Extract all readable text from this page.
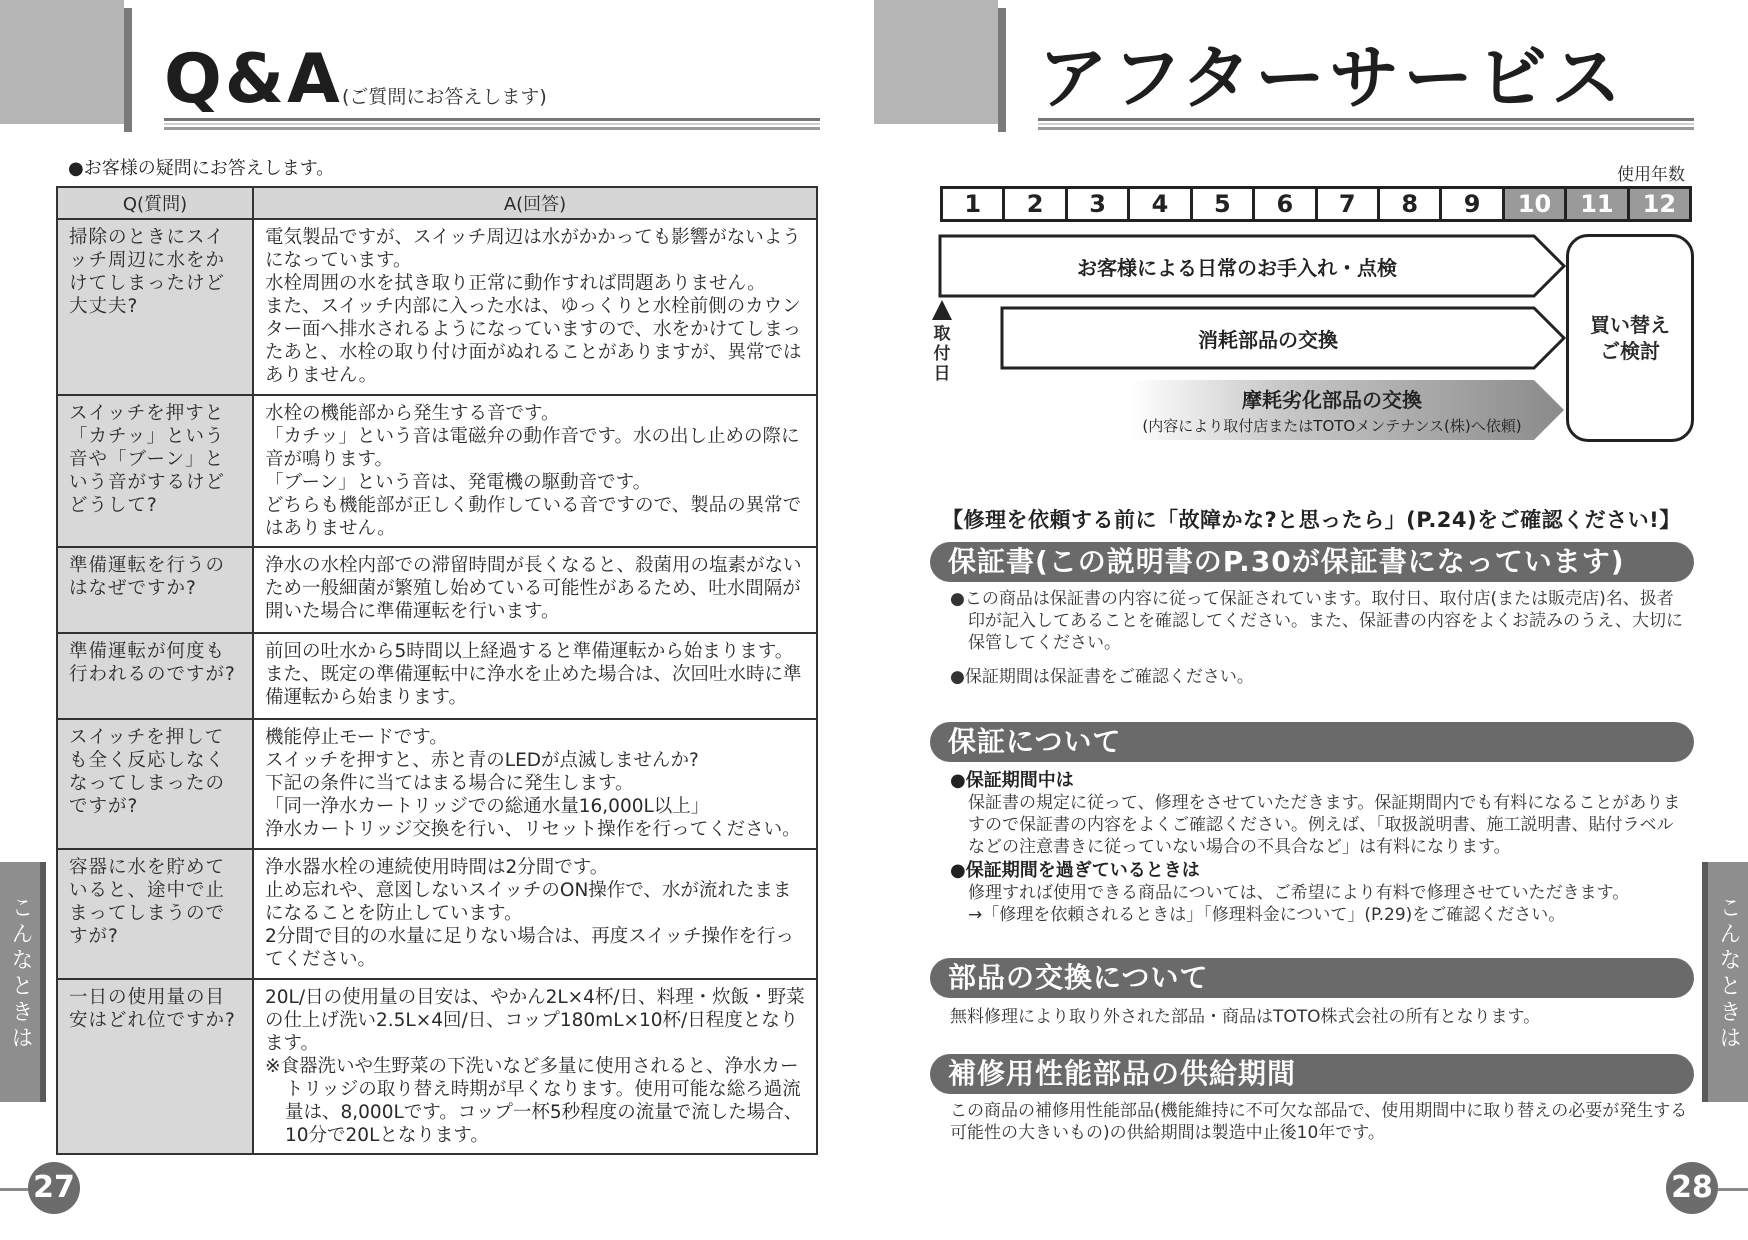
Q&A (ご質問にお答えします)
●お客様の疑問にお答えします。
Q(質問)	A(回答)
掃除のときにスイッチ周辺に水をかけてしまったけど大丈夫?	電気製品ですが、スイッチ周辺は水がかかっても影響がないようになっています。
水栓周囲の水を拭き取り正常に動作すれば問題ありません。
また、スイッチ内部に入った水は、ゆっくりと水栓前側のカウンター面へ排水されるようになっていますので、水をかけてしまったあと、水栓の取り付け面がぬれることがありますが、異常ではありません。

スイッチを押すと「カチッ」という音や「ブーン」という音がするけどどうして?	水栓の機能部から発生する音です。
「カチッ」という音は電磁弁の動作音です。水の出し止めの際に音が鳴ります。
「ブーン」という音は、発電機の駆動音です。
どちらも機能部が正しく動作している音ですので、製品の異常ではありません。

準備運転を行うのはなぜですか?	浄水の水栓内部での滞留時間が長くなると、殺菌用の塩素がないため一般細菌が繁殖し始めている可能性があるため、吐水間隔が開いた場合に準備運転を行います。

準備運転が何度も行われるのですが?	前回の吐水から5時間以上経過すると準備運転から始まります。
また、既定の準備運転中に浄水を止めた場合は、次回吐水時に準備運転から始まります。

スイッチを押しても全く反応しなくなってしまったのですが?	機能停止モードです。
スイッチを押すと、赤と青のLEDが点滅しませんか?
下記の条件に当てはまる場合に発生します。
「同一浄水カートリッジでの総通水量16,000L以上」
浄水カートリッジ交換を行い、リセット操作を行ってください。

容器に水を貯めていると、途中で止まってしまうのですが?	浄水器水栓の連続使用時間は2分間です。
止め忘れや、意図しないスイッチのON操作で、水が流れたままになることを防止しています。
2分間で目的の水量に足りない場合は、再度スイッチ操作を行ってください。

一日の使用量の目安はどれ位ですか?	20L/日の使用量の目安は、やかん2L×4杯/日、料理・炊飯・野菜の仕上げ洗い2.5L×4回/日、コップ180mL×10杯/日程度となります。
※食器洗いや生野菜の下洗いなど多量に使用されると、浄水カートリッジの取り替え時期が早くなります。使用可能な総ろ過流量は、8,000Lです。コップ一杯5秒程度の流量で流した場合、10分で20Lとなります。
こんなときは
27
アフターサービス
使用年数
1	2	3	4	5	6	7	8	9	10	11	12
お客様による日常のお手入れ・点検
消耗部品の交換
摩耗劣化部品の交換
(内容により取付店またはTOTOメンテナンス(株)へ依頼)
買い替え
ご検討
取付日
【修理を依頼する前に「故障かな?と思ったら」(P.24)をご確認ください!】
保証書(この説明書のP.30が保証書になっています)
●この商品は保証書の内容に従って保証されています。取付日、取付店(または販売店)名、扱者印が記入してあることを確認してください。また、保証書の内容をよくお読みのうえ、大切に保管してください。
●保証期間は保証書をご確認ください。
保証について
●保証期間中は
保証書の規定に従って、修理をさせていただきます。保証期間内でも有料になることがありますので保証書の内容をよくご確認ください。例えば、「取扱説明書、施工説明書、貼付ラベルなどの注意書きに従っていない場合の不具合など」は有料になります。
●保証期間を過ぎているときは
修理すれば使用できる商品については、ご希望により有料で修理させていただきます。
→「修理を依頼されるときは」「修理料金について」(P.29)をご確認ください。
部品の交換について
無料修理により取り外された部品・商品はTOTO株式会社の所有となります。
補修用性能部品の供給期間
この商品の補修用性能部品(機能維持に不可欠な部品で、使用期間中に取り替えの必要が発生する可能性の大きいもの)の供給期間は製造中止後10年です。
こんなときは
28
